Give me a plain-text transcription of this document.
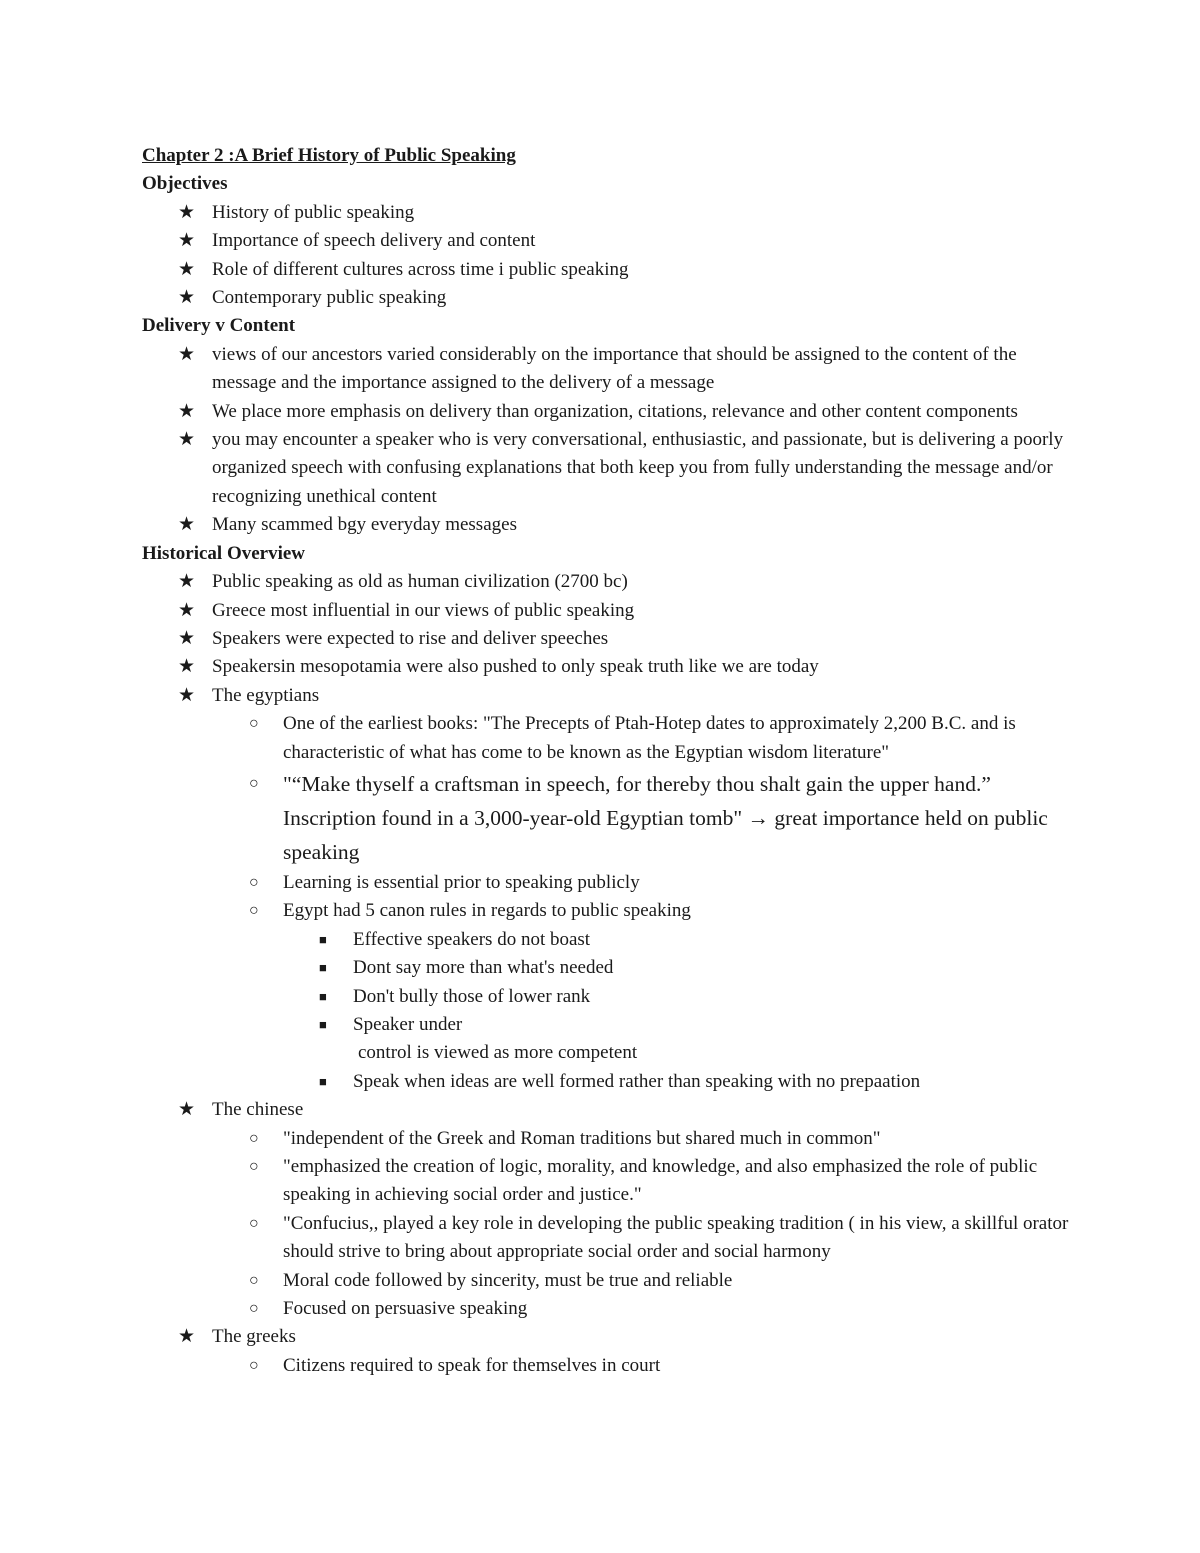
Chapter 2 :A Brief History of Public Speaking

Objectives

★ History of public speaking
★ Importance of speech delivery and content
★ Role of different cultures across time i public speaking
★ Contemporary public speaking

Delivery v Content

★ views of our ancestors varied considerably on the importance that should be assigned to the content of the message and the importance assigned to the delivery of a message
★ We place more emphasis on delivery than organization, citations, relevance and other content components
★ you may encounter a speaker who is very conversational, enthusiastic, and passionate, but is delivering a poorly organized speech with confusing explanations that both keep you from fully understanding the message and/or recognizing unethical content
★ Many scammed bgy everyday messages

Historical Overview

★ Public speaking as old as human civilization (2700 bc)
★ Greece most influential in our views of public speaking
★ Speakers were expected to rise and deliver speeches
★ Speakersin mesopotamia were also pushed to only speak truth like we are today
★ The egyptians
○ One of the earliest books: "The Precepts of Ptah-Hotep dates to approximately 2,200 B.C. and is characteristic of what has come to be known as the Egyptian wisdom literature"
○ "“Make thyself a craftsman in speech, for thereby thou shalt gain the upper hand.” Inscription found in a 3,000-year-old Egyptian tomb" → great importance held on public speaking
○ Learning is essential prior to speaking publicly
○ Egypt had 5 canon rules in regards to public speaking
■ Effective speakers do not boast
■ Dont say more than what's needed
■ Don't bully those of lower rank
■ Speaker under
control is viewed as more competent
■ Speak when ideas are well formed rather than speaking with no prepaation
★ The chinese
○ "independent of the Greek and Roman traditions but shared much in common"
○ "emphasized the creation of logic, morality, and knowledge, and also emphasized the role of public speaking in achieving social order and justice."
○ "Confucius,, played a key role in developing the public speaking tradition ( in his view, a skillful orator should strive to bring about appropriate social order and social harmony
○ Moral code followed by sincerity, must be true and reliable
○ Focused on persuasive speaking
★ The greeks
○ Citizens required to speak for themselves in court
